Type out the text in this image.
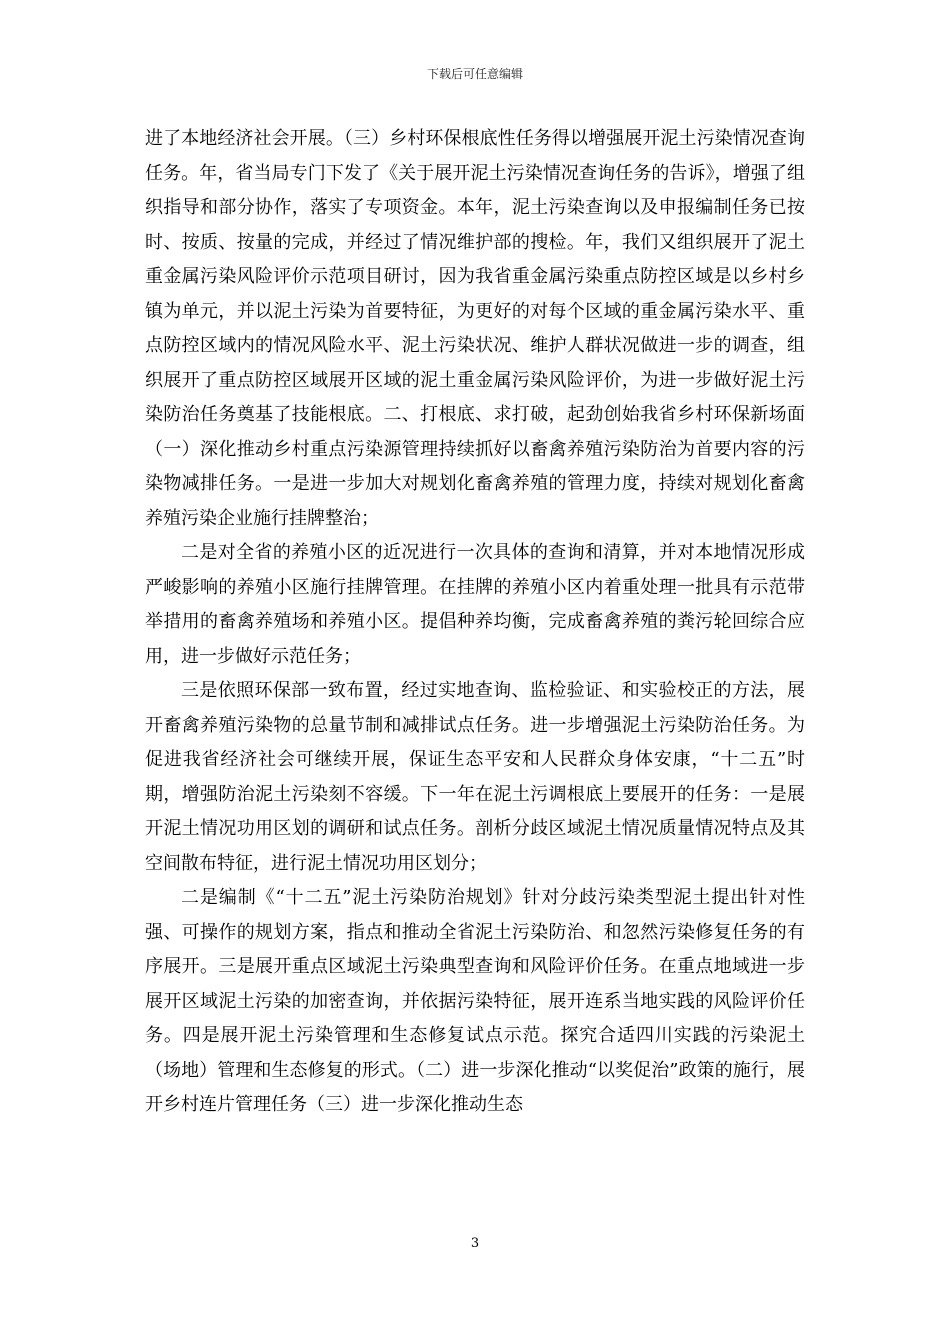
下载后可任意编辑

进了本地经济社会开展。（三）乡村环保根底性任务得以增强展开泥土污染情况查询任务。年，省当局专门下发了《关于展开泥土污染情况查询任务的告诉》，增强了组织指导和部分协作，落实了专项资金。本年，泥土污染查询以及申报编制任务已按时、按质、按量的完成，并经过了情况维护部的搜检。年，我们又组织展开了泥土重金属污染风险评价示范项目研讨，因为我省重金属污染重点防控区域是以乡村乡镇为单元，并以泥土污染为首要特征，为更好的对每个区域的重金属污染水平、重点防控区域内的情况风险水平、泥土污染状况、维护人群状况做进一步的调查，组织展开了重点防控区域展开区域的泥土重金属污染风险评价，为进一步做好泥土污染防治任务奠基了技能根底。二、打根底、求打破，起劲创始我省乡村环保新场面（一）深化推动乡村重点污染源管理持续抓好以畜禽养殖污染防治为首要内容的污染物减排任务。一是进一步加大对规划化畜禽养殖的管理力度，持续对规划化畜禽养殖污染企业施行挂牌整治；

二是对全省的养殖小区的近况进行一次具体的查询和清算，并对本地情况形成严峻影响的养殖小区施行挂牌管理。在挂牌的养殖小区内着重处理一批具有示范带举措用的畜禽养殖场和养殖小区。提倡种养均衡，完成畜禽养殖的粪污轮回综合应用，进一步做好示范任务；

三是依照环保部一致布置，经过实地查询、监检验证、和实验校正的方法，展开畜禽养殖污染物的总量节制和减排试点任务。进一步增强泥土污染防治任务。为促进我省经济社会可继续开展，保证生态平安和人民群众身体安康，“十二五”时期，增强防治泥土污染刻不容缓。下一年在泥土污调根底上要展开的任务：一是展开泥土情况功用区划的调研和试点任务。剖析分歧区域泥土情况质量情况特点及其空间散布特征，进行泥土情况功用区划分；

二是编制《“十二五”泥土污染防治规划》针对分歧污染类型泥土提出针对性强、可操作的规划方案，指点和推动全省泥土污染防治、和忽然污染修复任务的有序展开。三是展开重点区域泥土污染典型查询和风险评价任务。在重点地域进一步展开区域泥土污染的加密查询，并依据污染特征，展开连系当地实践的风险评价任务。四是展开泥土污染管理和生态修复试点示范。探究合适四川实践的污染泥土（场地）管理和生态修复的形式。（二）进一步深化推动“以奖促治”政策的施行，展开乡村连片管理任务（三）进一步深化推动生态

3
